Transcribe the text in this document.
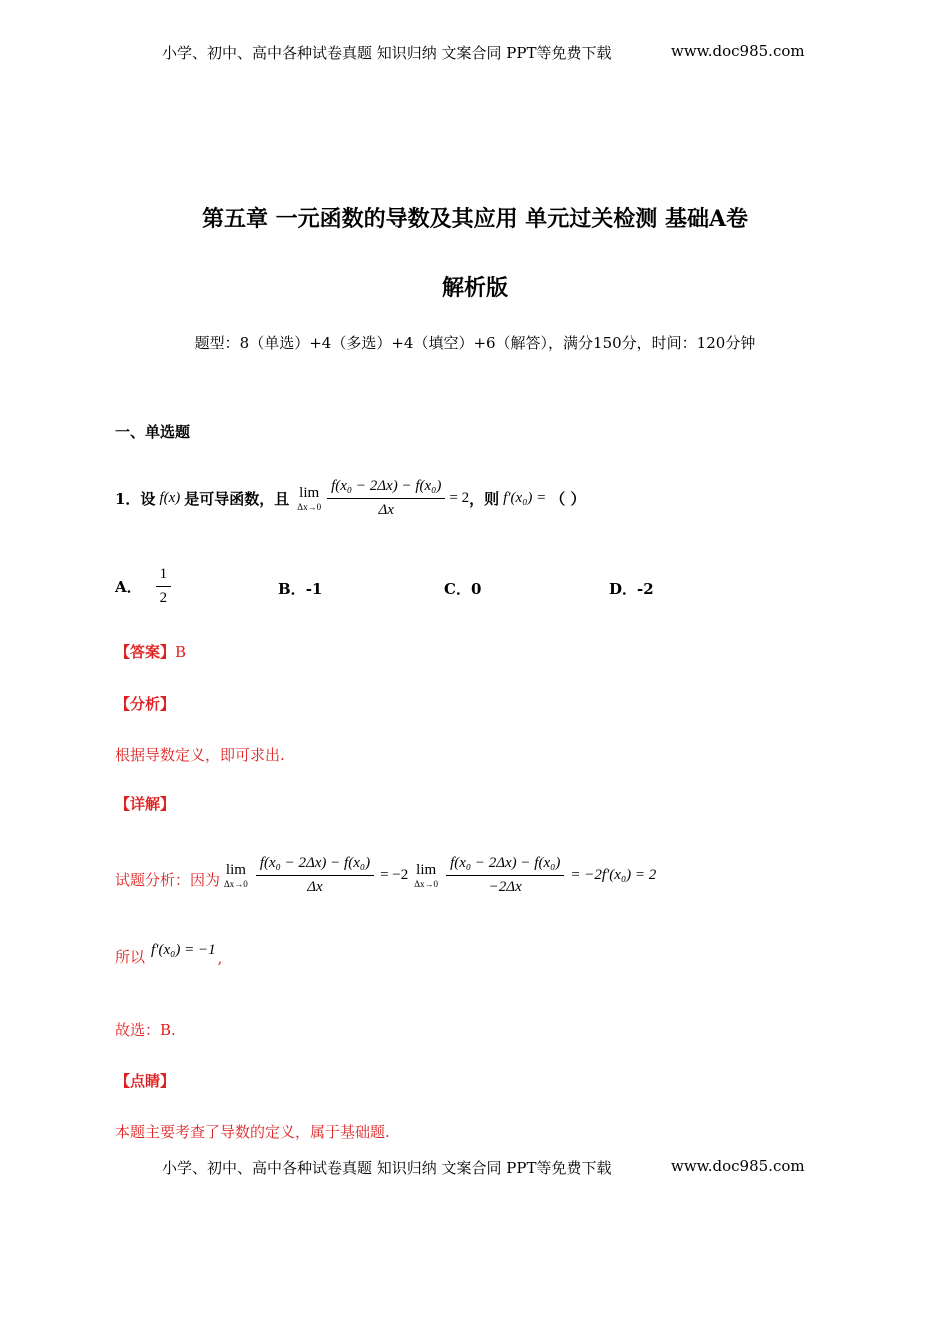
小学、初中、高中各种试卷真题 知识归纳 文案合同 PPT等免费下载	www.doc985.com
第五章 一元函数的导数及其应用 单元过关检测 基础A卷
解析版
题型：8（单选）+4（多选）+4（填空）+6（解答），满分150分，时间：120分钟
一、单选题
1．设 f(x) 是可导函数，且 lim
$\Delta x\to 0 \frac{\text{f(x₀ − 2Δx) − f(x₀)}}{\Delta x} = 2$ ，则 f′(x₀) = （ ）
A． $\frac{1}{2}$	B．-1	C．0	D．-2
【答案】B
【分析】
根据导数定义，即可求出.
【详解】
试题分析：因为
lim
$\Delta x\to 0 \frac{\text{f(x₀ − 2Δx) − f(x₀)}}{\Delta x} = -2$ lim
$\Delta x\to 0 \frac{\text{f(x₀ − 2Δx) − f(x₀)}}{-2\Delta x} = -2f'(x_0) = 2$
所以 f′(x₀) = −1 ,
故选：B.
【点睛】
本题主要考查了导数的定义，属于基础题.
小学、初中、高中各种试卷真题 知识归纳 文案合同 PPT等免费下载	www.doc985.com
